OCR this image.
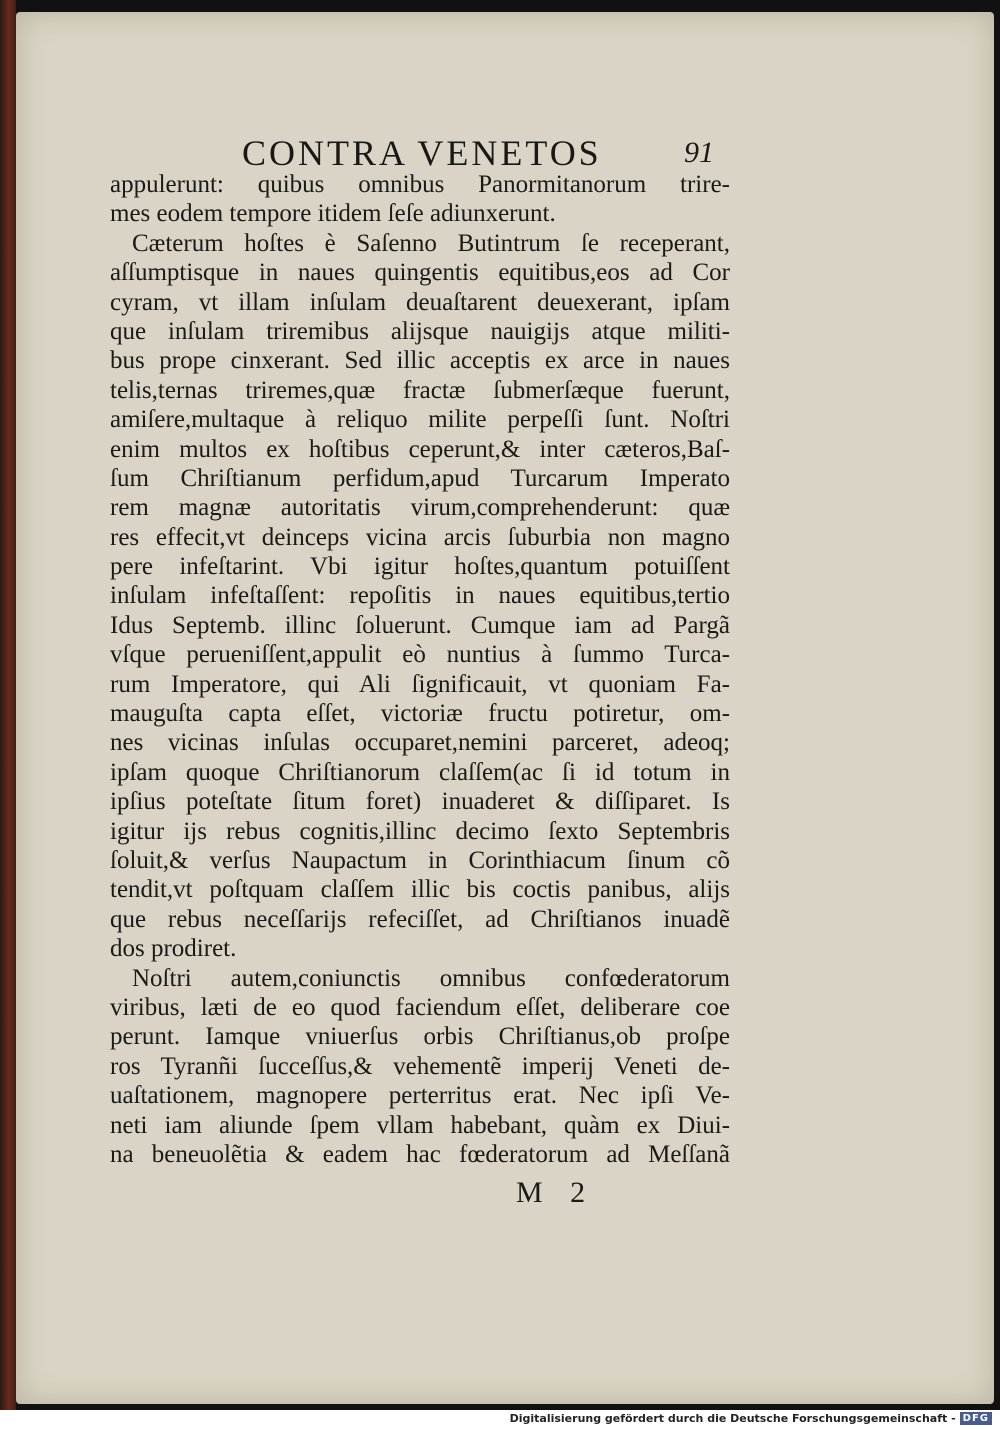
CONTRA VENETOS	91
appulerunt: quibus omnibus Panormitanorum trire-
mes eodem tempore itidem ſeſe adiunxerunt.
Cæterum hoſtes è Saſenno Butintrum ſe receperant,
aſſumptisque in naues quingentis equitibus,eos ad Cor
cyram, vt illam inſulam deuaſtarent deuexerant, ipſam
que inſulam triremibus alijsque nauigijs atque militi-
bus prope cinxerant. Sed illic acceptis ex arce in naues
telis,ternas triremes,quæ fractæ ſubmerſæque fuerunt,
amiſere,multaque à reliquo milite perpeſſi ſunt. Noſtri
enim multos ex hoſtibus ceperunt,& inter cæteros,Baſ-
ſum Chriſtianum perfidum,apud Turcarum Imperato
rem magnæ autoritatis virum,comprehenderunt: quæ
res effecit,vt deinceps vicina arcis ſuburbia non magno
pere infeſtarint. Vbi igitur hoſtes,quantum potuiſſent
inſulam infeſtaſſent: repoſitis in naues equitibus,tertio
Idus Septemb. illinc ſoluerunt. Cumque iam ad Pargã
vſque perueniſſent,appulit eò nuntius à ſummo Turca-
rum Imperatore, qui Ali ſignificauit, vt quoniam Fa-
mauguſta capta eſſet, victoriæ fructu potiretur, om-
nes vicinas inſulas occuparet,nemini parceret, adeoq;
ipſam quoque Chriſtianorum claſſem(ac ſi id totum in
ipſius poteſtate ſitum foret) inuaderet & diſſiparet. Is
igitur ijs rebus cognitis,illinc decimo ſexto Septembris
ſoluit,& verſus Naupactum in Corinthiacum ſinum cõ
tendit,vt poſtquam claſſem illic bis coctis panibus, alijs
que rebus neceſſarijs refeciſſet, ad Chriſtianos inuadẽ
dos prodiret.
Noſtri autem,coniunctis omnibus confœderatorum
viribus, læti de eo quod faciendum eſſet, deliberare coe
perunt. Iamque vniuerſus orbis Chriſtianus,ob proſpe
ros Tyranñi ſucceſſus,& vehementẽ imperij Veneti de-
uaſtationem, magnopere perterritus erat. Nec ipſi Ve-
neti iam aliunde ſpem vllam habebant, quàm ex Diui-
na beneuolẽtia & eadem hac fœderatorum ad Meſſanã
M 2
Digitalisierung gefördert durch die Deutsche Forschungsgemeinschaft - DFG
